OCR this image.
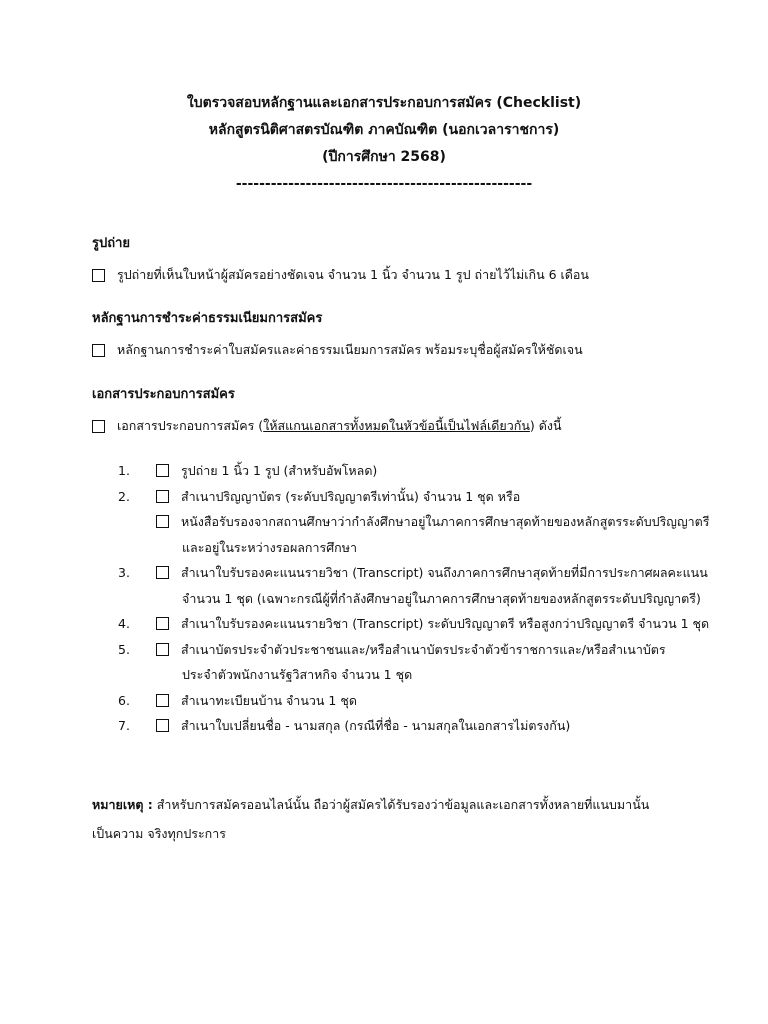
ใบตรวจสอบหลักฐานและเอกสารประกอบการสมัคร (Checklist)
หลักสูตรนิติศาสตรบัณฑิต ภาคบัณฑิต (นอกเวลาราชการ)
(ปีการศึกษา 2568)
---------------------------------------------------
รูปถ่าย
รูปถ่ายที่เห็นใบหน้าผู้สมัครอย่างชัดเจน จำนวน 1 นิ้ว จำนวน 1 รูป ถ่ายไว้ไม่เกิน 6 เดือน
หลักฐานการชำระค่าธรรมเนียมการสมัคร
หลักฐานการชำระค่าใบสมัครและค่าธรรมเนียมการสมัคร พร้อมระบุชื่อผู้สมัครให้ชัดเจน
เอกสารประกอบการสมัคร
เอกสารประกอบการสมัคร (ให้สแกนเอกสารทั้งหมดในหัวข้อนี้เป็นไฟล์เดียวกัน) ดังนี้
1.	รูปถ่าย 1 นิ้ว 1 รูป (สำหรับอัพโหลด)
2.	สำเนาปริญญาบัตร (ระดับปริญญาตรีเท่านั้น) จำนวน 1 ชุด หรือ
หนังสือรับรองจากสถานศึกษาว่ากำลังศึกษาอยู่ในภาคการศึกษาสุดท้ายของหลักสูตรระดับปริญญาตรี
และอยู่ในระหว่างรอผลการศึกษา
3.	สำเนาใบรับรองคะแนนรายวิชา (Transcript) จนถึงภาคการศึกษาสุดท้ายที่มีการประกาศผลคะแนน
จำนวน 1 ชุด (เฉพาะกรณีผู้ที่กำลังศึกษาอยู่ในภาคการศึกษาสุดท้ายของหลักสูตรระดับปริญญาตรี)
4.	สำเนาใบรับรองคะแนนรายวิชา (Transcript) ระดับปริญญาตรี หรือสูงกว่าปริญญาตรี จำนวน 1 ชุด
5.	สำเนาบัตรประจำตัวประชาชนและ/หรือสำเนาบัตรประจำตัวข้าราชการและ/หรือสำเนาบัตร
ประจำตัวพนักงานรัฐวิสาหกิจ จำนวน 1 ชุด
6.	สำเนาทะเบียนบ้าน จำนวน 1 ชุด
7.	สำเนาใบเปลี่ยนชื่อ - นามสกุล (กรณีที่ชื่อ - นามสกุลในเอกสารไม่ตรงกัน)
หมายเหตุ : สำหรับการสมัครออนไลน์นั้น ถือว่าผู้สมัครได้รับรองว่าข้อมูลและเอกสารทั้งหลายที่แนบมานั้น
เป็นความ จริงทุกประการ
